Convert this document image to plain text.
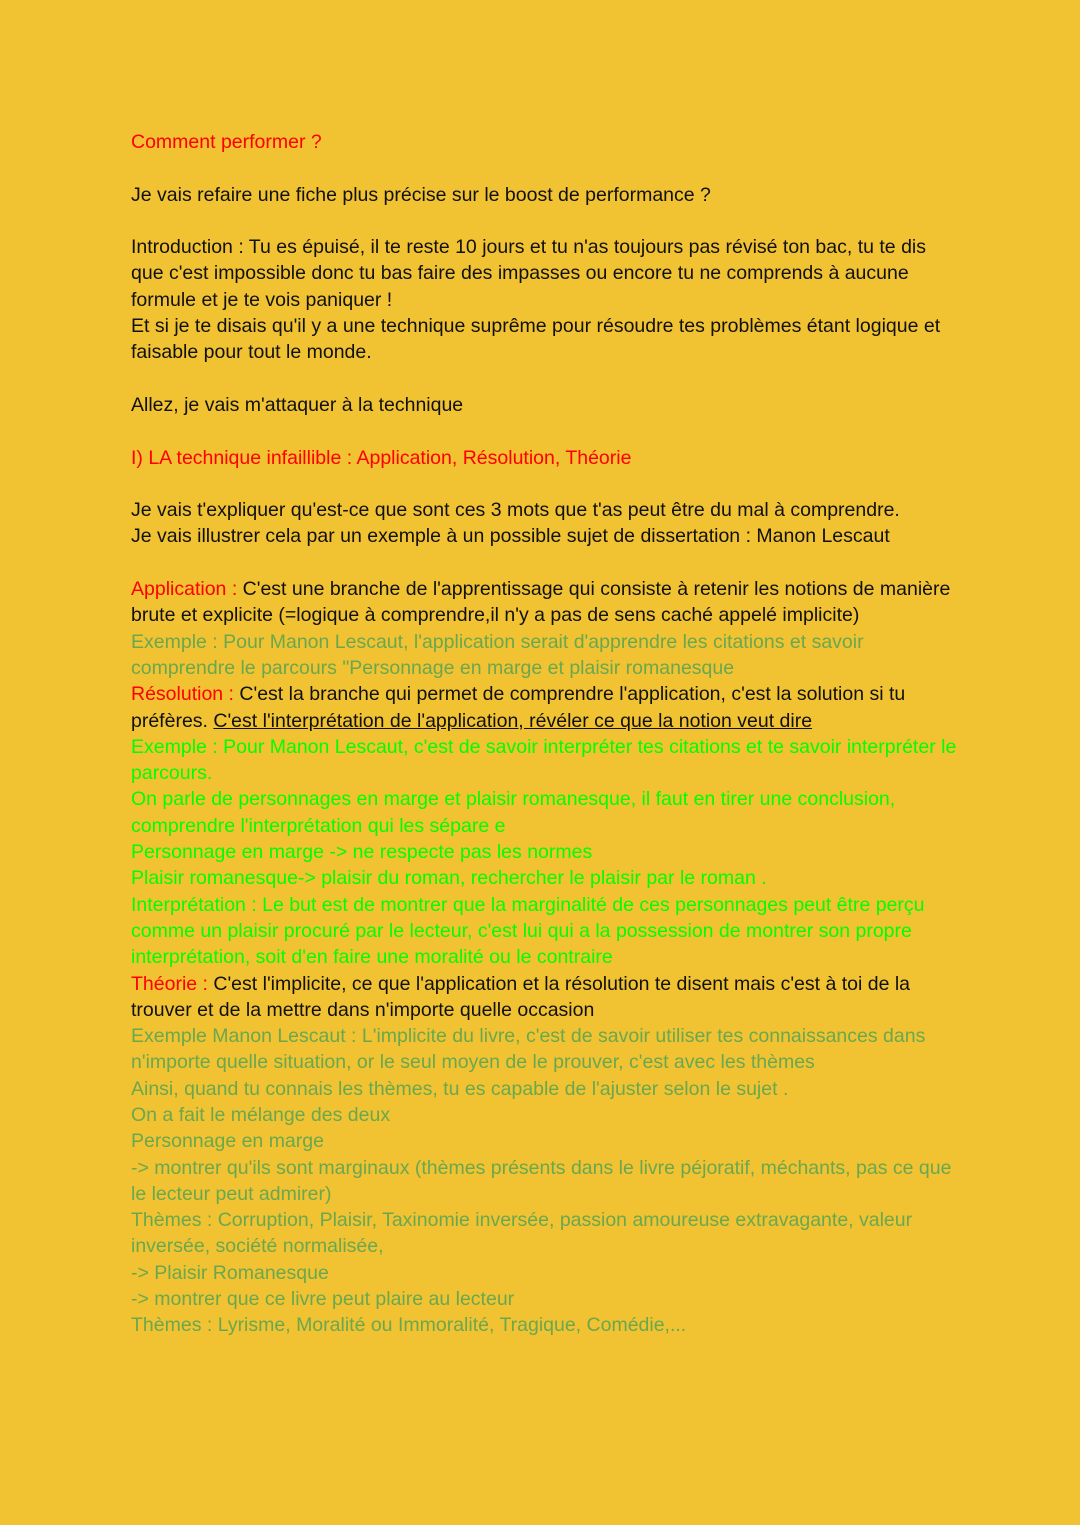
Comment performer ?

Je vais refaire une fiche plus précise sur le boost de performance ?

Introduction : Tu es épuisé, il te reste 10 jours et tu n'as toujours pas révisé ton bac, tu te dis que c'est impossible donc tu bas faire des impasses ou encore tu ne comprends à aucune formule et je te vois paniquer !

Et si je te disais qu'il y a une technique suprême pour résoudre tes problèmes étant logique et faisable pour tout le monde.

Allez, je vais m'attaquer à la technique

I) LA technique infaillible : Application, Résolution, Théorie

Je vais t'expliquer qu'est-ce que sont ces 3 mots que t'as peut être du mal à comprendre.

Je vais illustrer cela par un exemple à un possible sujet de dissertation : Manon Lescaut

Application : C'est une branche de l'apprentissage qui consiste à retenir les notions de manière brute et explicite (=logique à comprendre,il n'y a pas de sens caché appelé implicite)

Exemple : Pour Manon Lescaut, l'application serait d'apprendre les citations et savoir comprendre le parcours "Personnage en marge et plaisir romanesque

Résolution : C'est la branche qui permet de comprendre l'application, c'est la solution si tu préfères. C'est l'interprétation de l'application, révéler ce que la notion veut dire

Exemple : Pour Manon Lescaut, c'est de savoir interpréter tes citations et te savoir interpréter le parcours.

On parle de personnages en marge et plaisir romanesque, il faut en tirer une conclusion, comprendre l'interprétation qui les sépare e

Personnage en marge -> ne respecte pas les normes

Plaisir romanesque-> plaisir du roman, rechercher le plaisir par le roman .

Interprétation : Le but est de montrer que la marginalité de ces personnages peut être perçu comme un plaisir procuré par le lecteur, c'est lui qui a la possession de montrer son propre interprétation, soit d'en faire une moralité ou le contraire

Théorie : C'est l'implicite, ce que l'application et la résolution te disent mais c'est à toi de la trouver et de la mettre dans n'importe quelle occasion

Exemple Manon Lescaut : L'implicite du livre, c'est de savoir utiliser tes connaissances dans n'importe quelle situation, or le seul moyen de le prouver, c'est avec les thèmes

Ainsi, quand tu connais les thèmes, tu es capable de l'ajuster selon le sujet .

On a fait le mélange des deux

Personnage en marge

-> montrer qu'ils sont marginaux (thèmes présents dans le livre péjoratif, méchants, pas ce que le lecteur peut admirer)

Thèmes : Corruption, Plaisir, Taxinomie inversée, passion amoureuse extravagante, valeur inversée, société normalisée,

-> Plaisir Romanesque

-> montrer que ce livre peut plaire au lecteur

Thèmes : Lyrisme, Moralité ou Immoralité, Tragique, Comédie,...
